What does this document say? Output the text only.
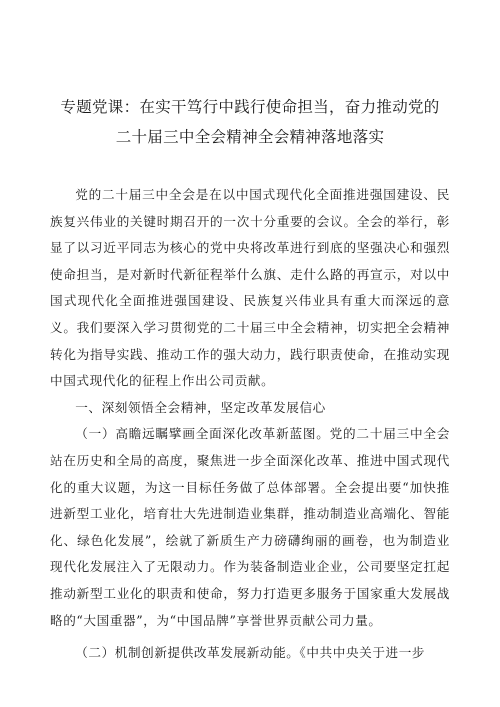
专题党课：在实干笃行中践行使命担当，奋力推动党的
二十届三中全会精神全会精神落地落实

党的二十届三中全会是在以中国式现代化全面推进强国建设、民族复兴伟业的关键时期召开的一次十分重要的会议。全会的举行，彰显了以习近平同志为核心的党中央将改革进行到底的坚强决心和强烈使命担当，是对新时代新征程举什么旗、走什么路的再宣示，对以中国式现代化全面推进强国建设、民族复兴伟业具有重大而深远的意义。我们要深入学习贯彻党的二十届三中全会精神，切实把全会精神转化为指导实践、推动工作的强大动力，践行职责使命，在推动实现中国式现代化的征程上作出公司贡献。

一、深刻领悟全会精神，坚定改革发展信心

（一）高瞻远瞩擘画全面深化改革新蓝图。党的二十届三中全会站在历史和全局的高度，聚焦进一步全面深化改革、推进中国式现代化的重大议题，为这一目标任务做了总体部署。全会提出要“加快推进新型工业化，培育壮大先进制造业集群，推动制造业高端化、智能化、绿色化发展”，绘就了新质生产力磅礴绚丽的画卷，也为制造业现代化发展注入了无限动力。作为装备制造业企业，公司要坚定扛起推动新型工业化的职责和使命，努力打造更多服务于国家重大发展战略的“大国重器”，为“中国品牌”享誉世界贡献公司力量。

（二）机制创新提供改革发展新动能。《中共中央关于进一步
